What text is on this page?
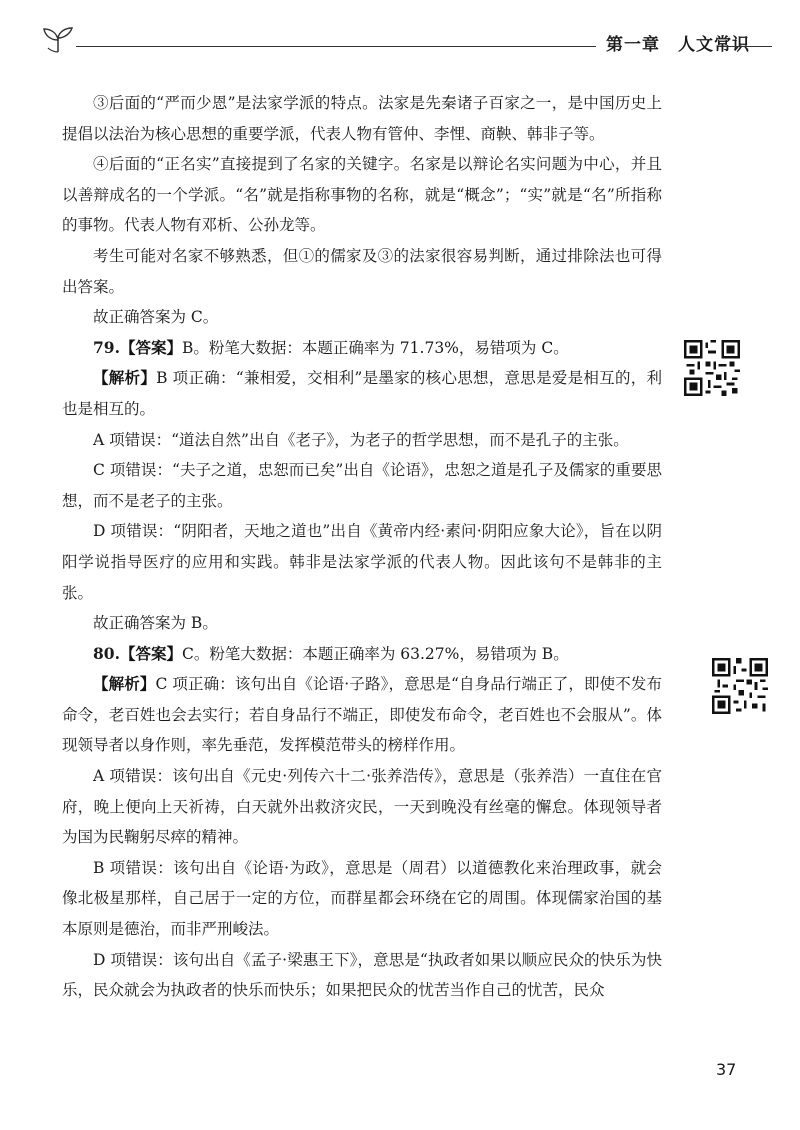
第一章　人文常识

③后面的“严而少恩”是法家学派的特点。法家是先秦诸子百家之一，是中国历史上提倡以法治为核心思想的重要学派，代表人物有管仲、李悝、商鞅、韩非子等。

④后面的“正名实”直接提到了名家的关键字。名家是以辩论名实问题为中心，并且以善辩成名的一个学派。“名”就是指称事物的名称，就是“概念”；“实”就是“名”所指称的事物。代表人物有邓析、公孙龙等。

考生可能对名家不够熟悉，但①的儒家及③的法家很容易判断，通过排除法也可得出答案。

故正确答案为 C。

79.【答案】B。粉笔大数据：本题正确率为 71.73%，易错项为 C。

【解析】B 项正确：“兼相爱，交相利”是墨家的核心思想，意思是爱是相互的，利也是相互的。

A 项错误：“道法自然”出自《老子》，为老子的哲学思想，而不是孔子的主张。

C 项错误：“夫子之道，忠恕而已矣”出自《论语》，忠恕之道是孔子及儒家的重要思想，而不是老子的主张。

D 项错误：“阴阳者，天地之道也”出自《黄帝内经·素问·阴阳应象大论》，旨在以阴阳学说指导医疗的应用和实践。韩非是法家学派的代表人物。因此该句不是韩非的主张。

故正确答案为 B。

80.【答案】C。粉笔大数据：本题正确率为 63.27%，易错项为 B。

【解析】C 项正确：该句出自《论语·子路》，意思是“自身品行端正了，即使不发布命令，老百姓也会去实行；若自身品行不端正，即使发布命令，老百姓也不会服从”。体现领导者以身作则，率先垂范，发挥模范带头的榜样作用。

A 项错误：该句出自《元史·列传六十二·张养浩传》，意思是（张养浩）一直住在官府，晚上便向上天祈祷，白天就外出救济灾民，一天到晚没有丝毫的懈怠。体现领导者为国为民鞠躬尽瘁的精神。

B 项错误：该句出自《论语·为政》，意思是（周君）以道德教化来治理政事，就会像北极星那样，自己居于一定的方位，而群星都会环绕在它的周围。体现儒家治国的基本原则是德治，而非严刑峻法。

D 项错误：该句出自《孟子·梁惠王下》，意思是“执政者如果以顺应民众的快乐为快乐，民众就会为执政者的快乐而快乐；如果把民众的忧苦当作自己的忧苦，民众

37
